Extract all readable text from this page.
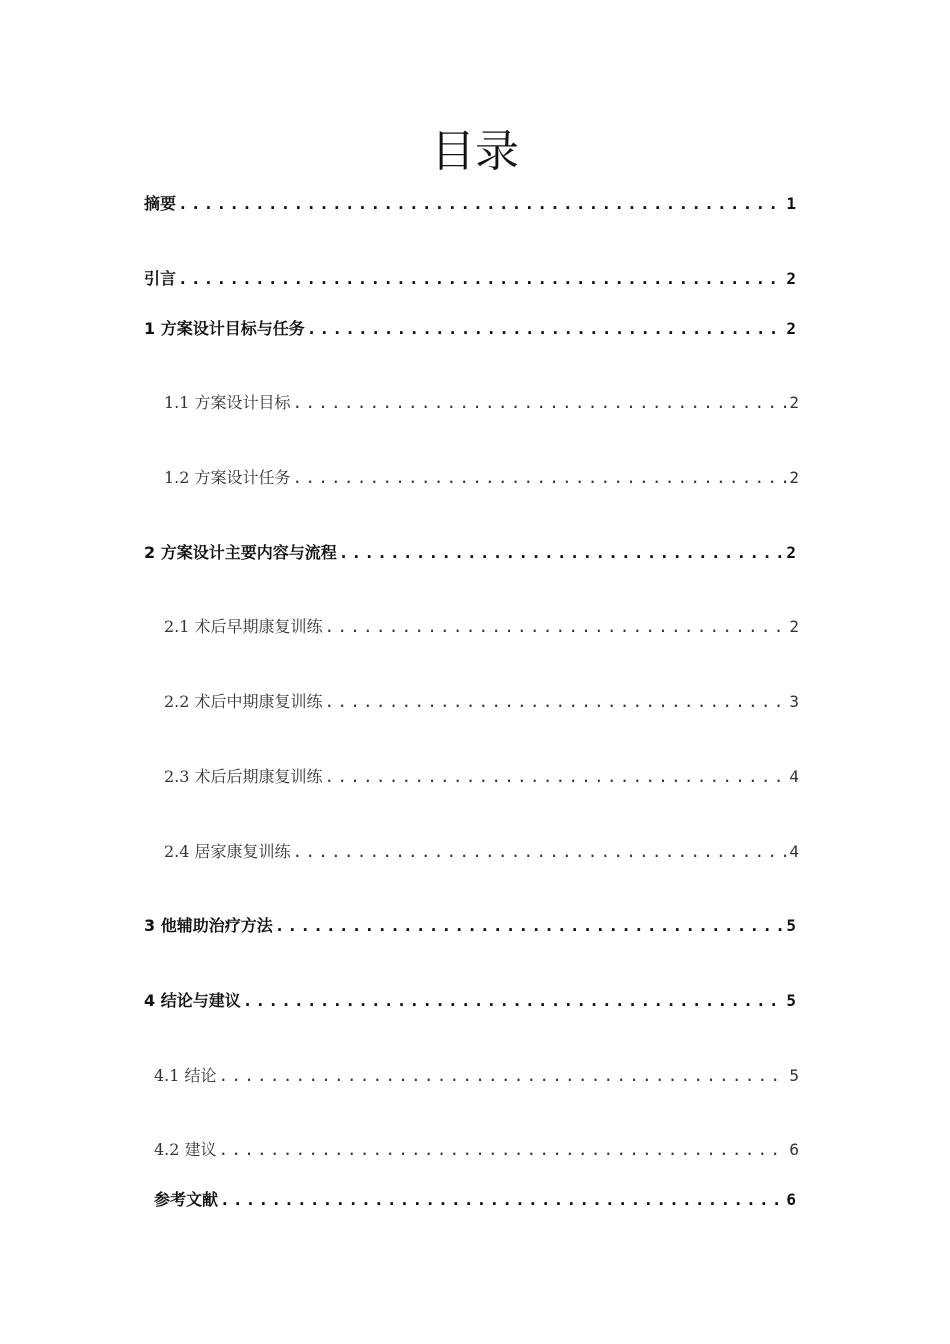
目录
摘要 .....	1
引言 .....	2
1 方案设计目标与任务 .....	2
1.1 方案设计目标 .....	2
1.2 方案设计任务 .....	2
2 方案设计主要内容与流程 .....	2
2.1 术后早期康复训练 .....	2
2.2 术后中期康复训练 .....	3
2.3 术后后期康复训练 .....	4
2.4 居家康复训练 .....	4
3 他辅助治疗方法 .....	5
4 结论与建议 .....	5
4.1 结论 .....	5
4.2 建议 .....	6
参考文献 .....	6
